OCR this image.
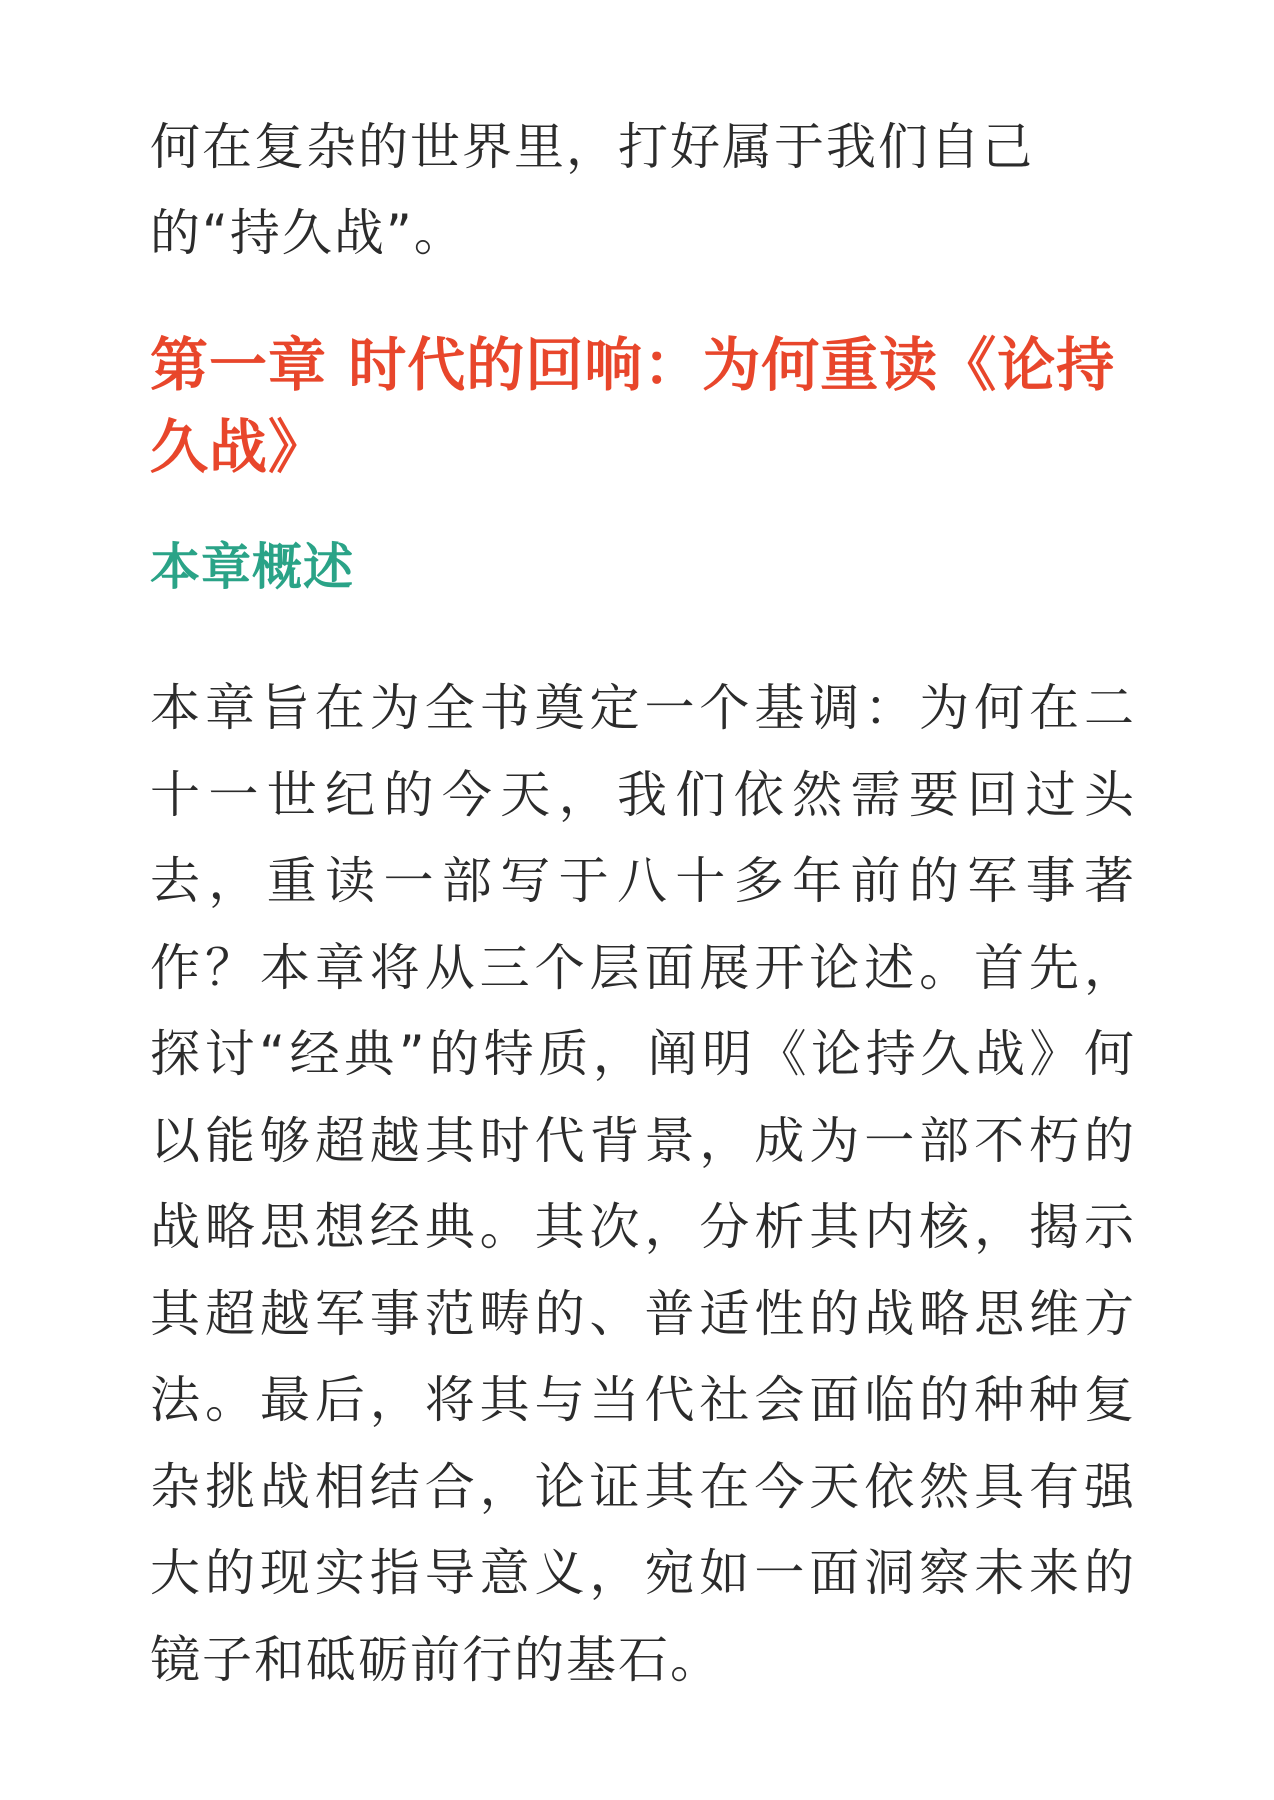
何在复杂的世界里，打好属于我们自己的“持久战”。

第一章 时代的回响：为何重读《论持久战》
本章概述

本章旨在为全书奠定一个基调：为何在二十一世纪的今天，我们依然需要回过头去，重读一部写于八十多年前的军事著作？本章将从三个层面展开论述。首先，探讨“经典”的特质，阐明《论持久战》何以能够超越其时代背景，成为一部不朽的战略思想经典。其次，分析其内核，揭示其超越军事范畴的、普适性的战略思维方法。最后，将其与当代社会面临的种种复杂挑战相结合，论证其在今天依然具有强大的现实指导意义，宛如一面洞察未来的镜子和砥砺前行的基石。
